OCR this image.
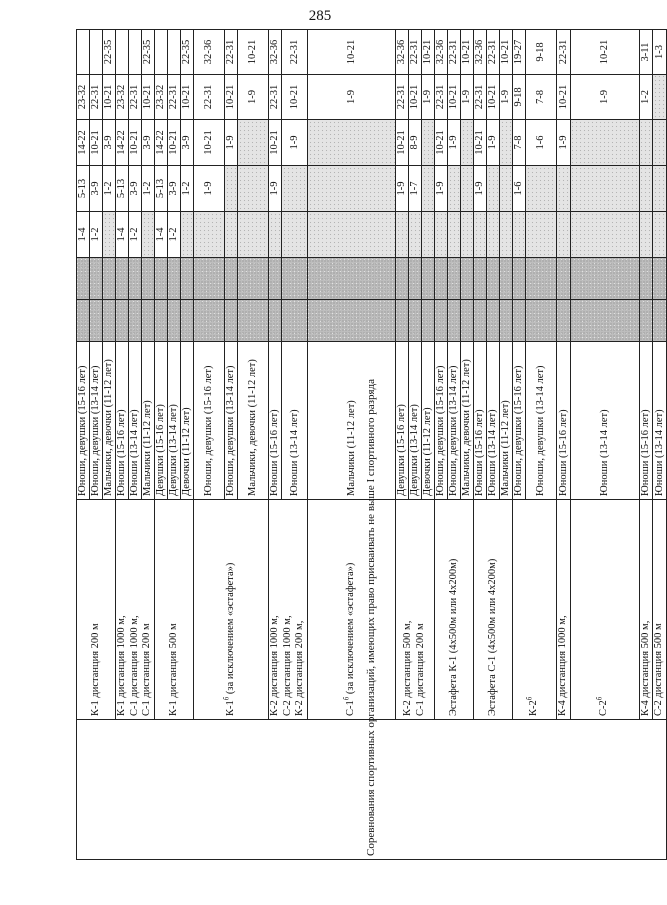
285
Соревнования спортивных организаций, имеющих право присваивать не выше I спортивного разряда	К-1 дистанция 200 м	Юноши, девушки (15-16 лет)			1-4	5-13	14-22	23-32	
		Юноши, девушки (13-14 лет)			1-2	3-9	10-21	22-31	
		Мальчики, девочки (11-12 лет)				1-2	3-9	10-21	22-35

	К-1 дистанция 1000 м, С-1 дистанция 1000 м, С-1 дистанция 200 м	Юноши (15-16 лет)			1-4	5-13	14-22	23-32	
		Юноши (13-14 лет)			1-2	3-9	10-21	22-31	
		Мальчики (11-12 лет)				1-2	3-9	10-21	22-35

	К-1 дистанция 500 м	Девушки (15-16 лет)			1-4	5-13	14-22	23-32	
		Девушки (13-14 лет)			1-2	3-9	10-21	22-31	
		Девочки (11-12 лет)				1-2	3-9	10-21	22-35

	$К-1^б$ (за исключением «эстафета»)	Юноши, девушки (15-16 лет)				1-9	10-21	22-31	32-36
		Юноши, девушки (13-14 лет)					1-9	10-21	22-31
		Мальчики, девочки (11-12 лет)						1-9	10-21

	К-2 дистанция 1000 м, С-2 дистанция 1000 м, К-2 дистанция 200 м,	Юноши (15-16 лет)				1-9	10-21	22-31	32-36
		Юноши (13-14 лет)					1-9	10-21	22-31

	$С-1^б$ (за исключением «эстафета»)	Мальчики (11-12 лет)						1-9	10-21

	К-2 дистанция 500 м, С-1 дистанция 200 м	Девушки (15-16 лет)				1-9	10-21	22-31	32-36
		Девушки (13-14 лет)				1-7	8-9	10-21	22-31
		Девочки (11-12 лет)						1-9	10-21

	Эстафета К-1 (4х500м или 4х200м)	Юноши, девушки (15-16 лет)				1-9	10-21	22-31	32-36
		Юноши, девушки (13-14 лет)					1-9	10-21	22-31
		Мальчики, девочки (11-12 лет)						1-9	10-21

	Эстафета С-1 (4х500м или 4х200м)	Юноши (15-16 лет)				1-9	10-21	22-31	32-36
		Юноши (13-14 лет)					1-9	10-21	22-31
		Мальчики (11-12 лет)						1-9	10-21

	$К-2^б$	Юноши, девушки (15-16 лет)				1-6	7-8	9-18	19-27
		Юноши, девушки (13-14 лет)					1-6	7-8	9-18

	К-4 дистанция 1000 м,	Юноши (15-16 лет)					1-9	10-21	22-31

	$С-2^б$	Юноши (13-14 лет)						1-9	10-21

	К-4 дистанция 500 м,	Юноши (15-16 лет)						1-2	3-11

	С-2 дистанция 500 м	Юноши (13-14 лет)							1-3
